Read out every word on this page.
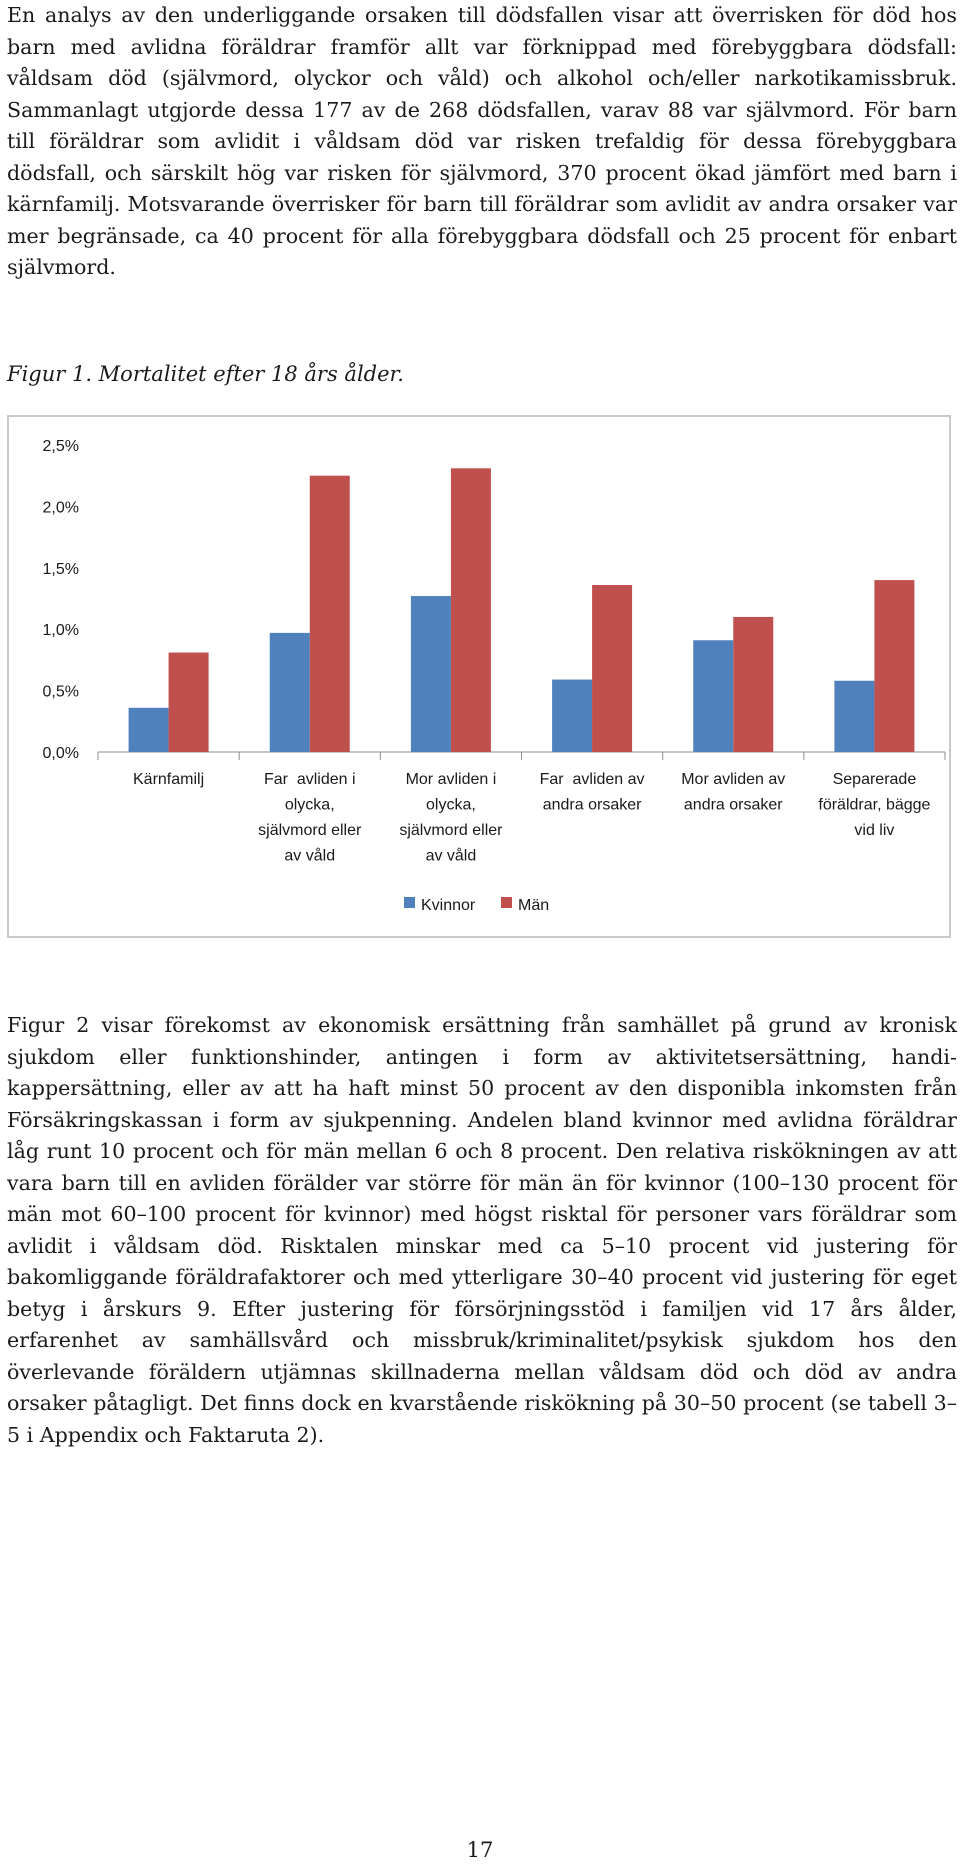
En analys av den underliggande orsaken till dödsfallen visar att överrisken för död hos barn med avlidna föräldrar framför allt var förknippad med förebyggbara dödsfall: våldsam död (självmord, olyckor och våld) och alkohol och/eller narkotikamissbruk. Sammanlagt utgjorde dessa 177 av de 268 dödsfallen, varav 88 var självmord. För barn till föräldrar som avlidit i våldsam död var risken trefaldig för dessa förebyggbara dödsfall, och särskilt hög var risken för självmord, 370 procent ökad jämfört med barn i kärnfamilj. Motsvarande överrisker för barn till föräldrar som avlidit av andra orsaker var mer begränsade, ca 40 procent för alla förebyggbara dödsfall och 25 procent för enbart självmord.

Figur 1. Mortalitet efter 18 års ålder.

0,0%
0,5%
1,0%
1,5%
2,0%
2,5%
Kärnfamilj	Far  avliden i
olycka,
självmord eller
av våld
Mor avliden i
olycka,
självmord eller
av våld
Far  avliden av
andra orsaker
Mor avliden av
andra orsaker
Separerade
föräldrar, bägge
vid liv
Kvinnor	Män

Figur 2 visar förekomst av ekonomisk ersättning från samhället på grund av kronisk sjukdom eller funktionshinder, antingen i form av aktivitetsersättning, handikappersättning, eller av att ha haft minst 50 procent av den disponibla inkomsten från Försäkringskassan i form av sjukpenning. Andelen bland kvinnor med avlidna föräldrar låg runt 10 procent och för män mellan 6 och 8 procent. Den relativa riskökningen av att vara barn till en avliden förälder var större för män än för kvinnor (100–130 procent för män mot 60–100 procent för kvinnor) med högst risktal för personer vars föräldrar som avlidit i våldsam död. Risktalen minskar med ca 5–10 procent vid justering för bakomliggande föräldrafaktorer och med ytterligare 30–40 procent vid justering för eget betyg i årskurs 9. Efter justering för försörjningsstöd i familjen vid 17 års ålder, erfarenhet av samhällsvård och missbruk/kriminalitet/psykisk sjukdom hos den överlevande föräldern utjämnas skillnaderna mellan våldsam död och död av andra orsaker påtagligt. Det finns dock en kvarstående riskökning på 30–50 procent (se tabell 3–5 i Appendix och Faktaruta 2).

17
